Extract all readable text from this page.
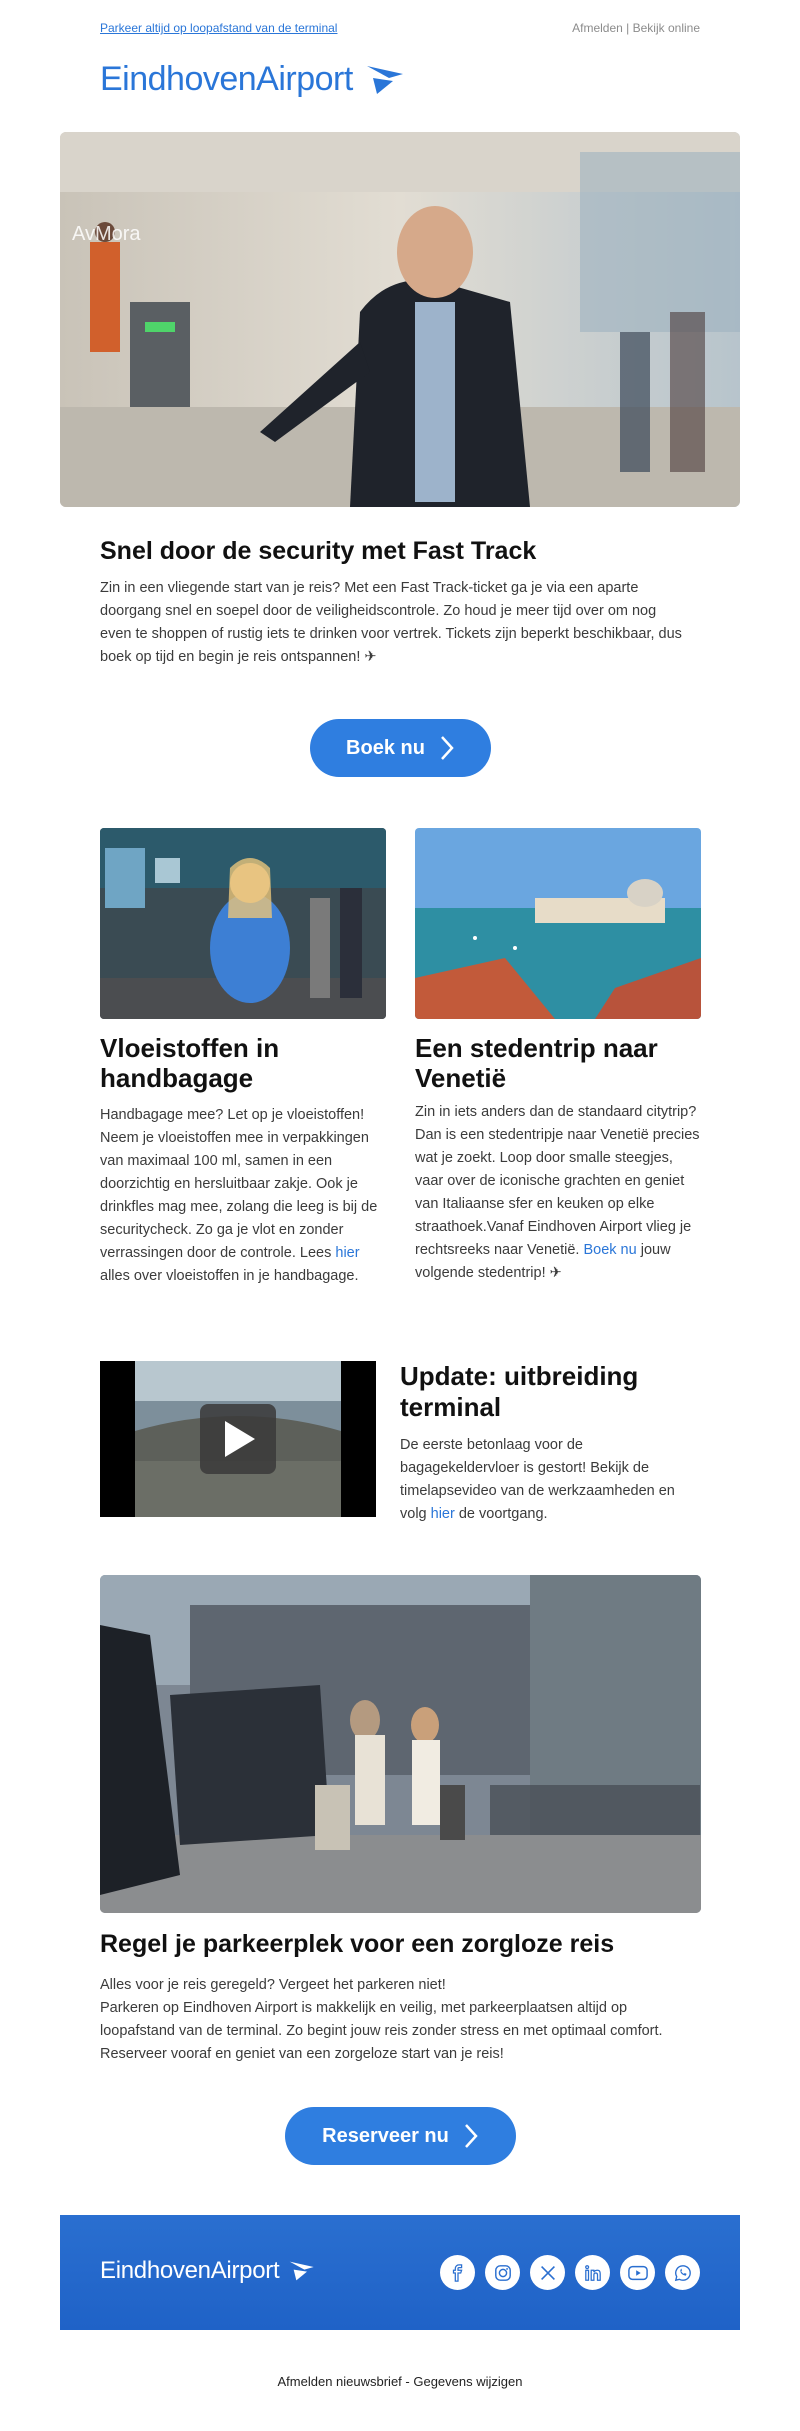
Parkeer altijd op loopafstand van de terminal	Afmelden | Bekijk online
EindhovenAirport
AvMora
Snel door de security met Fast Track
Zin in een vliegende start van je reis? Met een Fast Track-ticket ga je via een aparte doorgang snel en soepel door de veiligheidscontrole. Zo houd je meer tijd over om nog even te shoppen of rustig iets te drinken voor vertrek. Tickets zijn beperkt beschikbaar, dus boek op tijd en begin je reis ontspannen! ✈
Boek nu
Vloeistoffen in handbagage
Een stedentrip naar Venetië
Handbagage mee? Let op je vloeistoffen! Neem je vloeistoffen mee in verpakkingen van maximaal 100 ml, samen in een doorzichtig en hersluitbaar zakje. Ook je drinkfles mag mee, zolang die leeg is bij de securitycheck. Zo ga je vlot en zonder verrassingen door de controle. Lees hier alles over vloeistoffen in je handbagage.
Zin in iets anders dan de standaard citytrip? Dan is een stedentripje naar Venetië precies wat je zoekt. Loop door smalle steegjes, vaar over de iconische grachten en geniet van Italiaanse sfer en keuken op elke straathoek.Vanaf Eindhoven Airport vlieg je rechtsreeks naar Venetië. Boek nu jouw volgende stedentrip! ✈
Update: uitbreiding terminal
De eerste betonlaag voor de bagagekeldervloer is gestort! Bekijk de timelapsevideo van de werkzaamheden en volg hier de voortgang.
Regel je parkeerplek voor een zorgloze reis
Alles voor je reis geregeld? Vergeet het parkeren niet!
Parkeren op Eindhoven Airport is makkelijk en veilig, met parkeerplaatsen altijd op loopafstand van de terminal. Zo begint jouw reis zonder stress en met optimaal comfort. Reserveer vooraf en geniet van een zorgeloze start van je reis!
Reserveer nu
EindhovenAirport
Afmelden nieuwsbrief - Gegevens wijzigen
